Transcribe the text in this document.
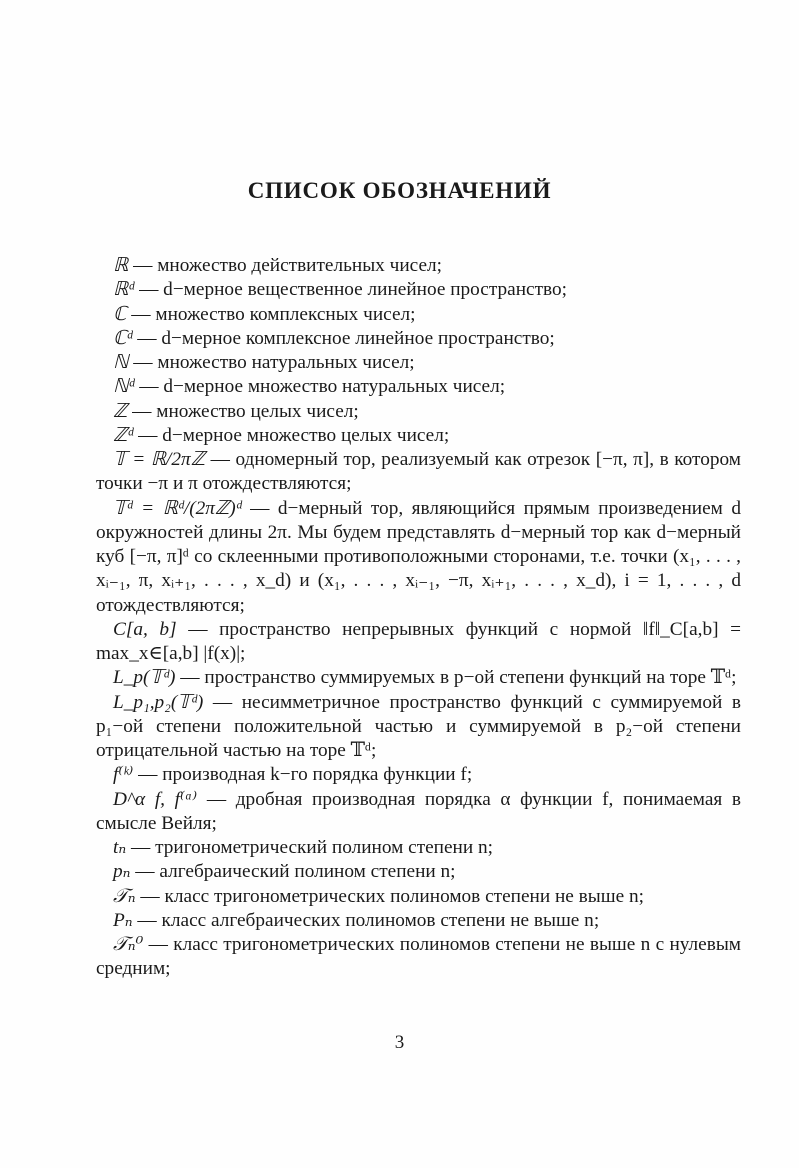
СПИСОК ОБОЗНАЧЕНИЙ

ℝ — множество действительных чисел;

ℝᵈ — d−мерное вещественное линейное пространство;

ℂ — множество комплексных чисел;

ℂᵈ — d−мерное комплексное линейное пространство;

ℕ — множество натуральных чисел;

ℕᵈ — d−мерное множество натуральных чисел;

ℤ — множество целых чисел;

ℤᵈ — d−мерное множество целых чисел;

𝕋 = ℝ/2πℤ — одномерный тор, реализуемый как отрезок [−π, π], в котором точки −π и π отождествляются;

𝕋ᵈ = ℝᵈ/(2πℤ)ᵈ — d−мерный тор, являющийся прямым произведением d окружностей длины 2π. Мы будем представлять d−мерный тор как d−мерный куб [−π, π]ᵈ со склеенными противоположными сторонами, т.е. точки (x₁, . . . , xᵢ₋₁, π, xᵢ₊₁, . . . , x_d) и (x₁, . . . , xᵢ₋₁, −π, xᵢ₊₁, . . . , x_d), i = 1, . . . , d отождествляются;

C[a, b] — пространство непрерывных функций с нормой ‖f‖_C[a,b] = max_x∈[a,b] |f(x)|;

L_p(𝕋ᵈ) — пространство суммируемых в p−ой степени функций на торе 𝕋ᵈ;

L_p₁,p₂(𝕋ᵈ) — несимметричное пространство функций с суммируемой в p₁−ой степени положительной частью и суммируемой в p₂−ой степени отрицательной частью на торе 𝕋ᵈ;

f⁽ᵏ⁾ — производная k−го порядка функции f;

D^α f, f⁽ᵅ⁾ — дробная производная порядка α функции f, понимаемая в смысле Вейля;

tₙ — тригонометрический полином степени n;

pₙ — алгебраический полином степени n;

𝒯ₙ — класс тригонометрических полиномов степени не выше n;

Pₙ — класс алгебраических полиномов степени не выше n;

𝒯ₙ⁰ — класс тригонометрических полиномов степени не выше n с нулевым средним;

3
